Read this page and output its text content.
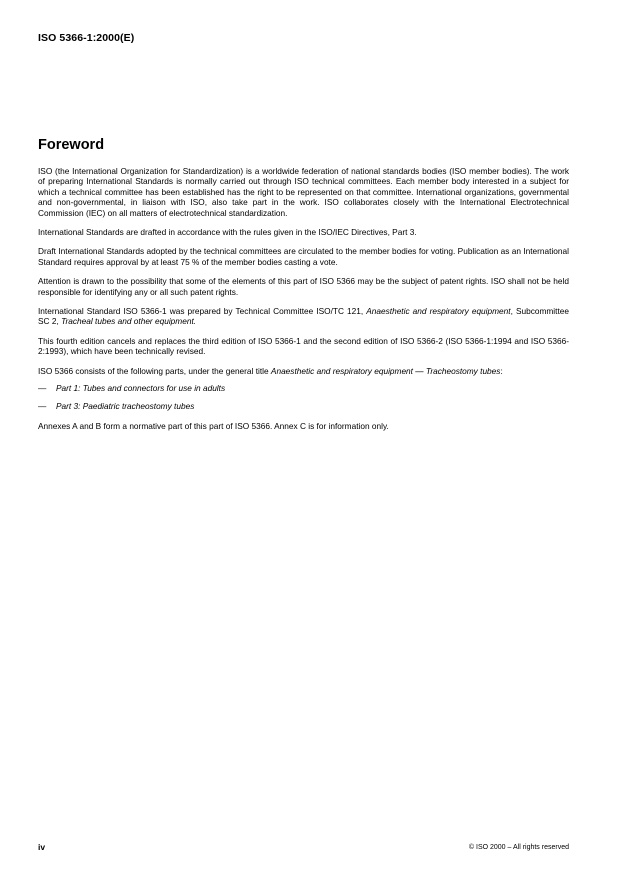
ISO 5366-1:2000(E)
Foreword

ISO (the International Organization for Standardization) is a worldwide federation of national standards bodies (ISO member bodies). The work of preparing International Standards is normally carried out through ISO technical committees. Each member body interested in a subject for which a technical committee has been established has the right to be represented on that committee. International organizations, governmental and non-governmental, in liaison with ISO, also take part in the work. ISO collaborates closely with the International Electrotechnical Commission (IEC) on all matters of electrotechnical standardization.

International Standards are drafted in accordance with the rules given in the ISO/IEC Directives, Part 3.

Draft International Standards adopted by the technical committees are circulated to the member bodies for voting. Publication as an International Standard requires approval by at least 75 % of the member bodies casting a vote.

Attention is drawn to the possibility that some of the elements of this part of ISO 5366 may be the subject of patent rights. ISO shall not be held responsible for identifying any or all such patent rights.

International Standard ISO 5366-1 was prepared by Technical Committee ISO/TC 121, Anaesthetic and respiratory equipment, Subcommittee SC 2, Tracheal tubes and other equipment.

This fourth edition cancels and replaces the third edition of ISO 5366-1 and the second edition of ISO 5366-2 (ISO 5366-1:1994 and ISO 5366-2:1993), which have been technically revised.

ISO 5366 consists of the following parts, under the general title Anaesthetic and respiratory equipment — Tracheostomy tubes:

— Part 1: Tubes and connectors for use in adults
— Part 3: Paediatric tracheostomy tubes

Annexes A and B form a normative part of this part of ISO 5366. Annex C is for information only.

iv	© ISO 2000 – All rights reserved
